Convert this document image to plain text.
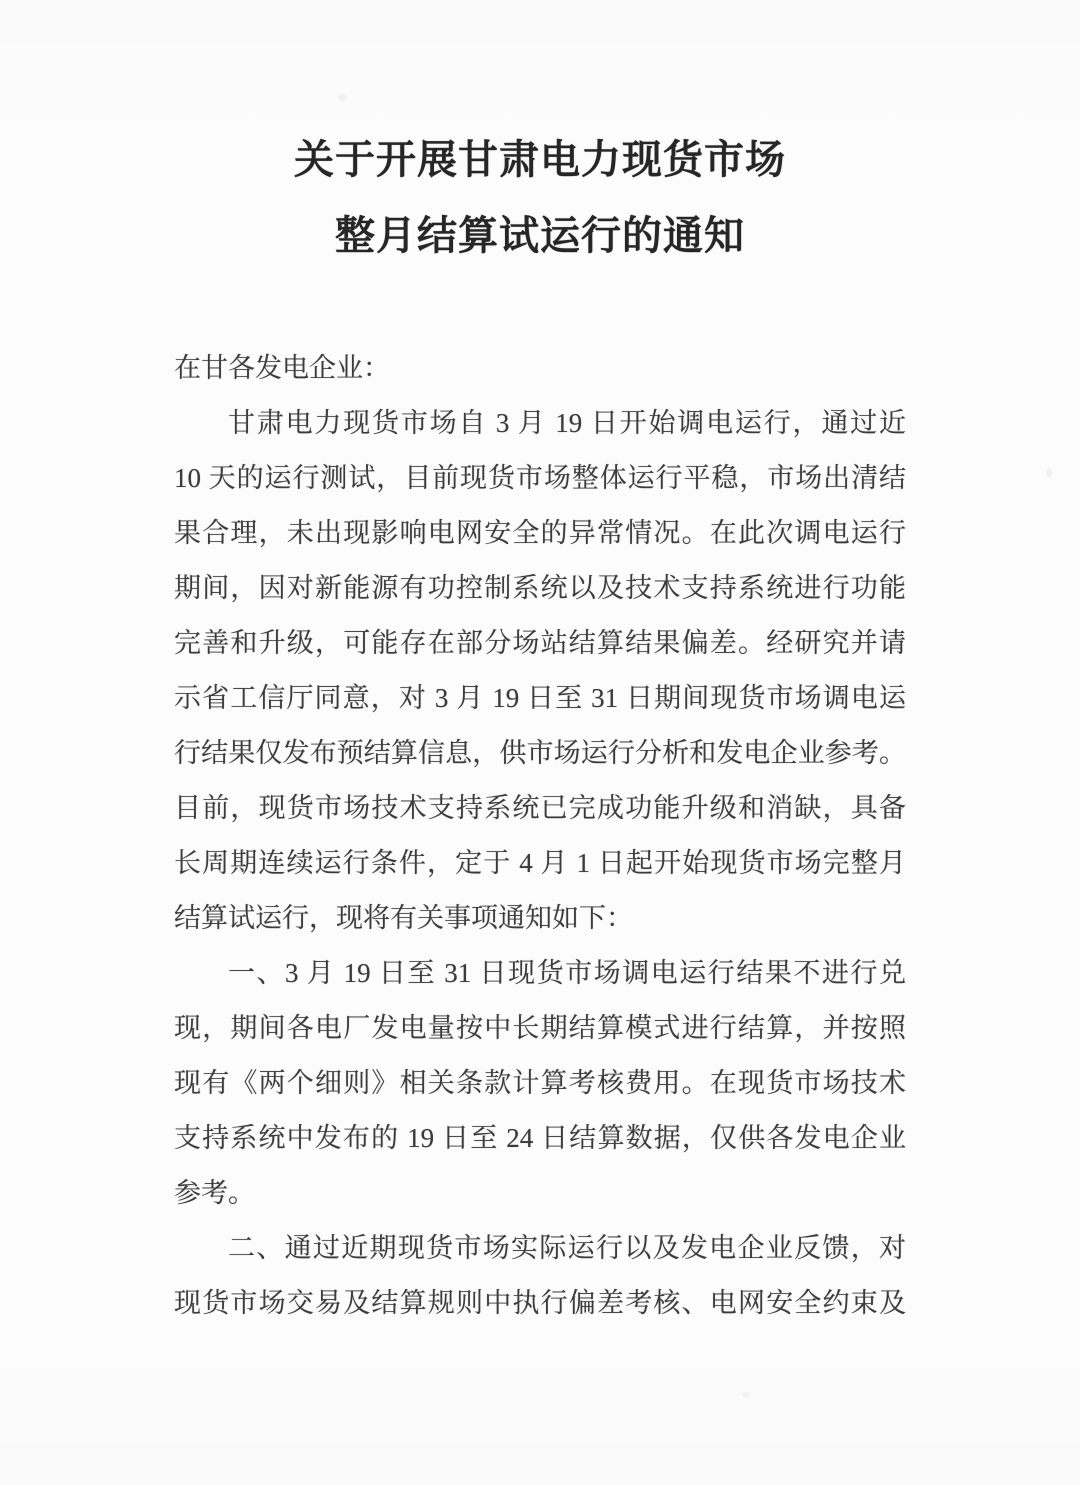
关于开展甘肃电力现货市场
整月结算试运行的通知
在甘各发电企业：
甘肃电力现货市场自 3 月 19 日开始调电运行，通过近
10 天的运行测试，目前现货市场整体运行平稳，市场出清结
果合理，未出现影响电网安全的异常情况。在此次调电运行
期间，因对新能源有功控制系统以及技术支持系统进行功能
完善和升级，可能存在部分场站结算结果偏差。经研究并请
示省工信厅同意，对 3 月 19 日至 31 日期间现货市场调电运
行结果仅发布预结算信息，供市场运行分析和发电企业参考。
目前，现货市场技术支持系统已完成功能升级和消缺，具备
长周期连续运行条件，定于 4 月 1 日起开始现货市场完整月
结算试运行，现将有关事项通知如下：
一、3 月 19 日至 31 日现货市场调电运行结果不进行兑
现，期间各电厂发电量按中长期结算模式进行结算，并按照
现有《两个细则》相关条款计算考核费用。在现货市场技术
支持系统中发布的 19 日至 24 日结算数据，仅供各发电企业
参考。
二、通过近期现货市场实际运行以及发电企业反馈，对
现货市场交易及结算规则中执行偏差考核、电网安全约束及
